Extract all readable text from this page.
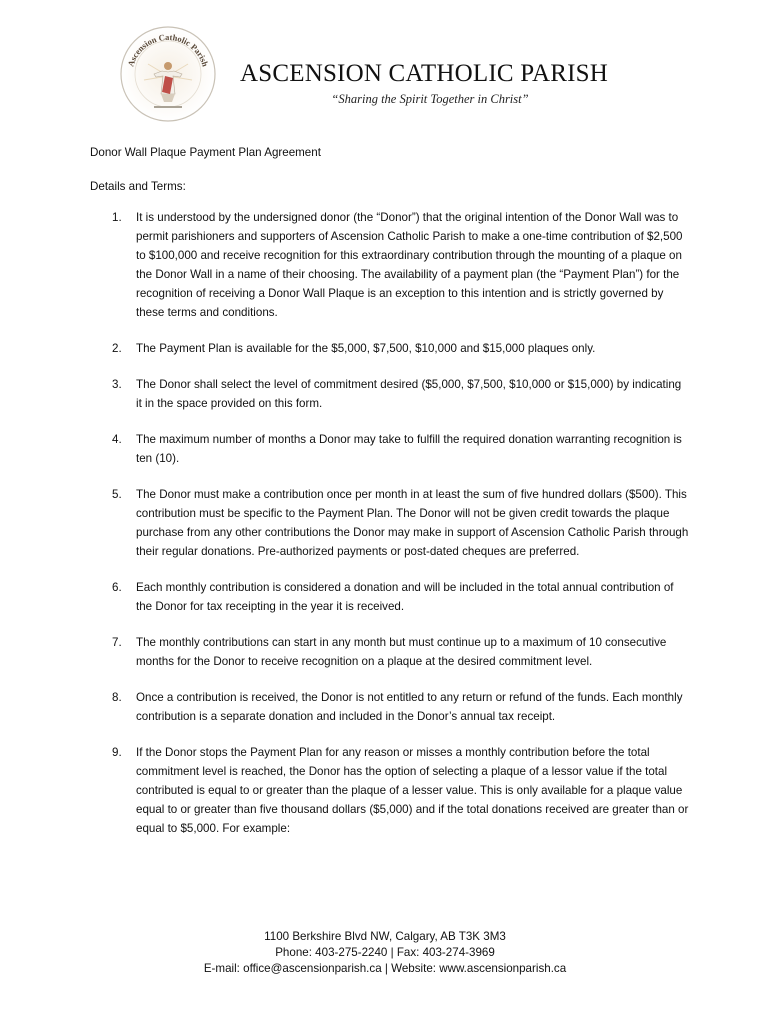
Ascension Catholic Parish ASCENSION CATHOLIC PARISH
“Sharing the Spirit Together in Christ”
Donor Wall Plaque Payment Plan Agreement
Details and Terms:
1. It is understood by the undersigned donor (the “Donor”) that the original intention of the Donor Wall was to permit parishioners and supporters of Ascension Catholic Parish to make a one-time contribution of $2,500 to $100,000 and receive recognition for this extraordinary contribution through the mounting of a plaque on the Donor Wall in a name of their choosing. The availability of a payment plan (the “Payment Plan”) for the recognition of receiving a Donor Wall Plaque is an exception to this intention and is strictly governed by these terms and conditions.
2. The Payment Plan is available for the $5,000, $7,500, $10,000 and $15,000 plaques only.
3. The Donor shall select the level of commitment desired ($5,000, $7,500, $10,000 or $15,000) by indicating it in the space provided on this form.
4. The maximum number of months a Donor may take to fulfill the required donation warranting recognition is ten (10).
5. The Donor must make a contribution once per month in at least the sum of five hundred dollars ($500). This contribution must be specific to the Payment Plan. The Donor will not be given credit towards the plaque purchase from any other contributions the Donor may make in support of Ascension Catholic Parish through their regular donations. Pre-authorized payments or post-dated cheques are preferred.
6. Each monthly contribution is considered a donation and will be included in the total annual contribution of the Donor for tax receipting in the year it is received.
7. The monthly contributions can start in any month but must continue up to a maximum of 10 consecutive months for the Donor to receive recognition on a plaque at the desired commitment level.
8. Once a contribution is received, the Donor is not entitled to any return or refund of the funds. Each monthly contribution is a separate donation and included in the Donor’s annual tax receipt.
9. If the Donor stops the Payment Plan for any reason or misses a monthly contribution before the total commitment level is reached, the Donor has the option of selecting a plaque of a lessor value if the total contributed is equal to or greater than the plaque of a lesser value. This is only available for a plaque value equal to or greater than five thousand dollars ($5,000) and if the total donations received are greater than or equal to $5,000. For example:
1100 Berkshire Blvd NW, Calgary, AB T3K 3M3
Phone: 403-275-2240 | Fax: 403-274-3969
E-mail: office@ascensionparish.ca | Website: www.ascensionparish.ca
